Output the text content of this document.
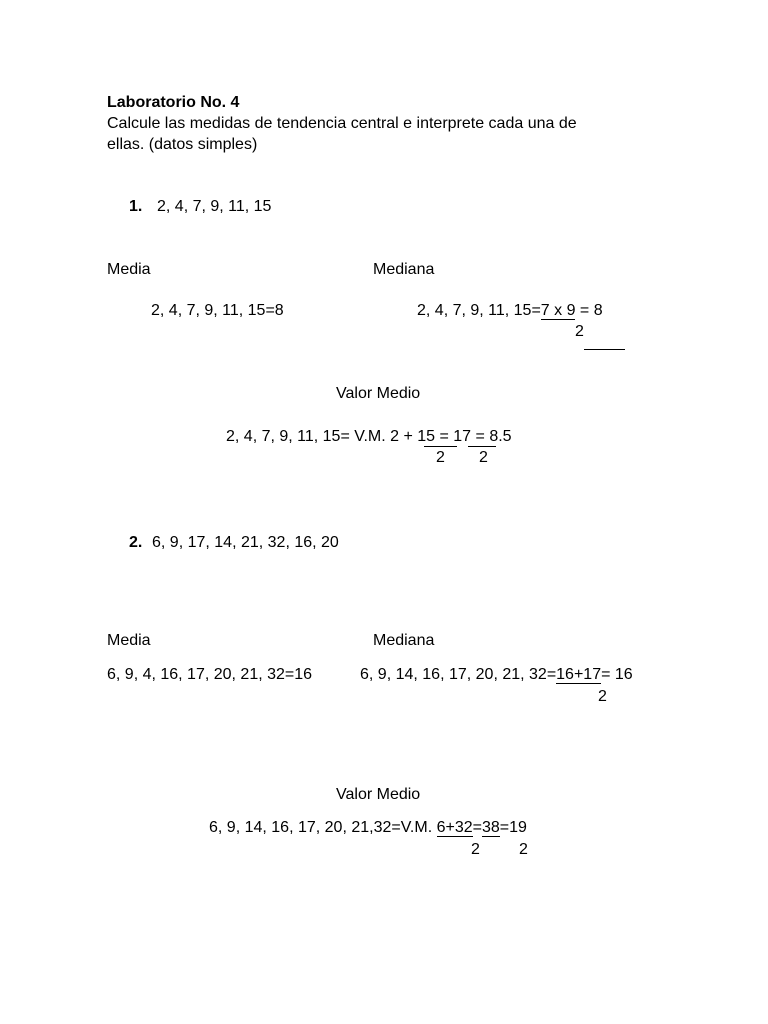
Laboratorio No. 4
Calcule las medidas de tendencia central e interprete cada una de
ellas. (datos simples)
1. 2, 4, 7, 9, 11, 15
Media	Mediana
2, 4, 7, 9, 11, 15=8	2, 4, 7, 9, 11, 15=7 x 9 = 8
2
Valor Medio
2, 4, 7, 9, 11, 15= V.M. 2 + 15 = 17 = 8.5
2 2
2. 6, 9, 17, 14, 21, 32, 16, 20
Media	Mediana
6, 9, 4, 16, 17, 20, 21, 32=16	6, 9, 14, 16, 17, 20, 21, 32=16+17= 16
2
Valor Medio
6, 9, 14, 16, 17, 20, 21,32=V.M. 6+32=38=19
2 2
